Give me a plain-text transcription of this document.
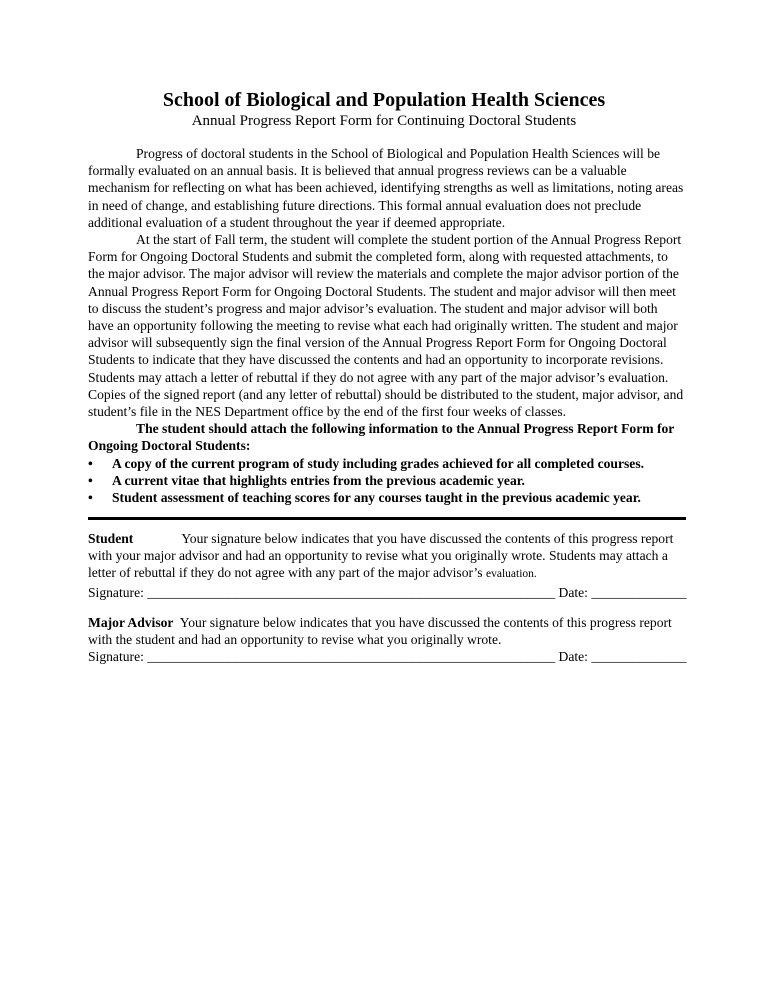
School of Biological and Population Health Sciences
Annual Progress Report Form for Continuing Doctoral Students

Progress of doctoral students in the School of Biological and Population Health Sciences will be formally evaluated on an annual basis. It is believed that annual progress reviews can be a valuable mechanism for reflecting on what has been achieved, identifying strengths as well as limitations, noting areas in need of change, and establishing future directions. This formal annual evaluation does not preclude additional evaluation of a student throughout the year if deemed appropriate.

At the start of Fall term, the student will complete the student portion of the Annual Progress Report Form for Ongoing Doctoral Students and submit the completed form, along with requested attachments, to the major advisor. The major advisor will review the materials and complete the major advisor portion of the Annual Progress Report Form for Ongoing Doctoral Students. The student and major advisor will then meet to discuss the student’s progress and major advisor’s evaluation. The student and major advisor will both have an opportunity following the meeting to revise what each had originally written. The student and major advisor will subsequently sign the final version of the Annual Progress Report Form for Ongoing Doctoral Students to indicate that they have discussed the contents and had an opportunity to incorporate revisions. Students may attach a letter of rebuttal if they do not agree with any part of the major advisor’s evaluation. Copies of the signed report (and any letter of rebuttal) should be distributed to the student, major advisor, and student’s file in the NES Department office by the end of the first four weeks of classes.

The student should attach the following information to the Annual Progress Report Form for Ongoing Doctoral Students:

• A copy of the current program of study including grades achieved for all completed courses.
• A current vitae that highlights entries from the previous academic year.
• Student assessment of teaching scores for any courses taught in the previous academic year.
Student	Your signature below indicates that you have discussed the contents of this progress report with your major advisor and had an opportunity to revise what you originally wrote. Students may attach a letter of rebuttal if they do not agree with any part of the major advisor’s evaluation.
Signature: ____________________________________________________________ Date: ______________
Major Advisor Your signature below indicates that you have discussed the contents of this progress report with the student and had an opportunity to revise what you originally wrote.
Signature: ____________________________________________________________ Date: ______________
